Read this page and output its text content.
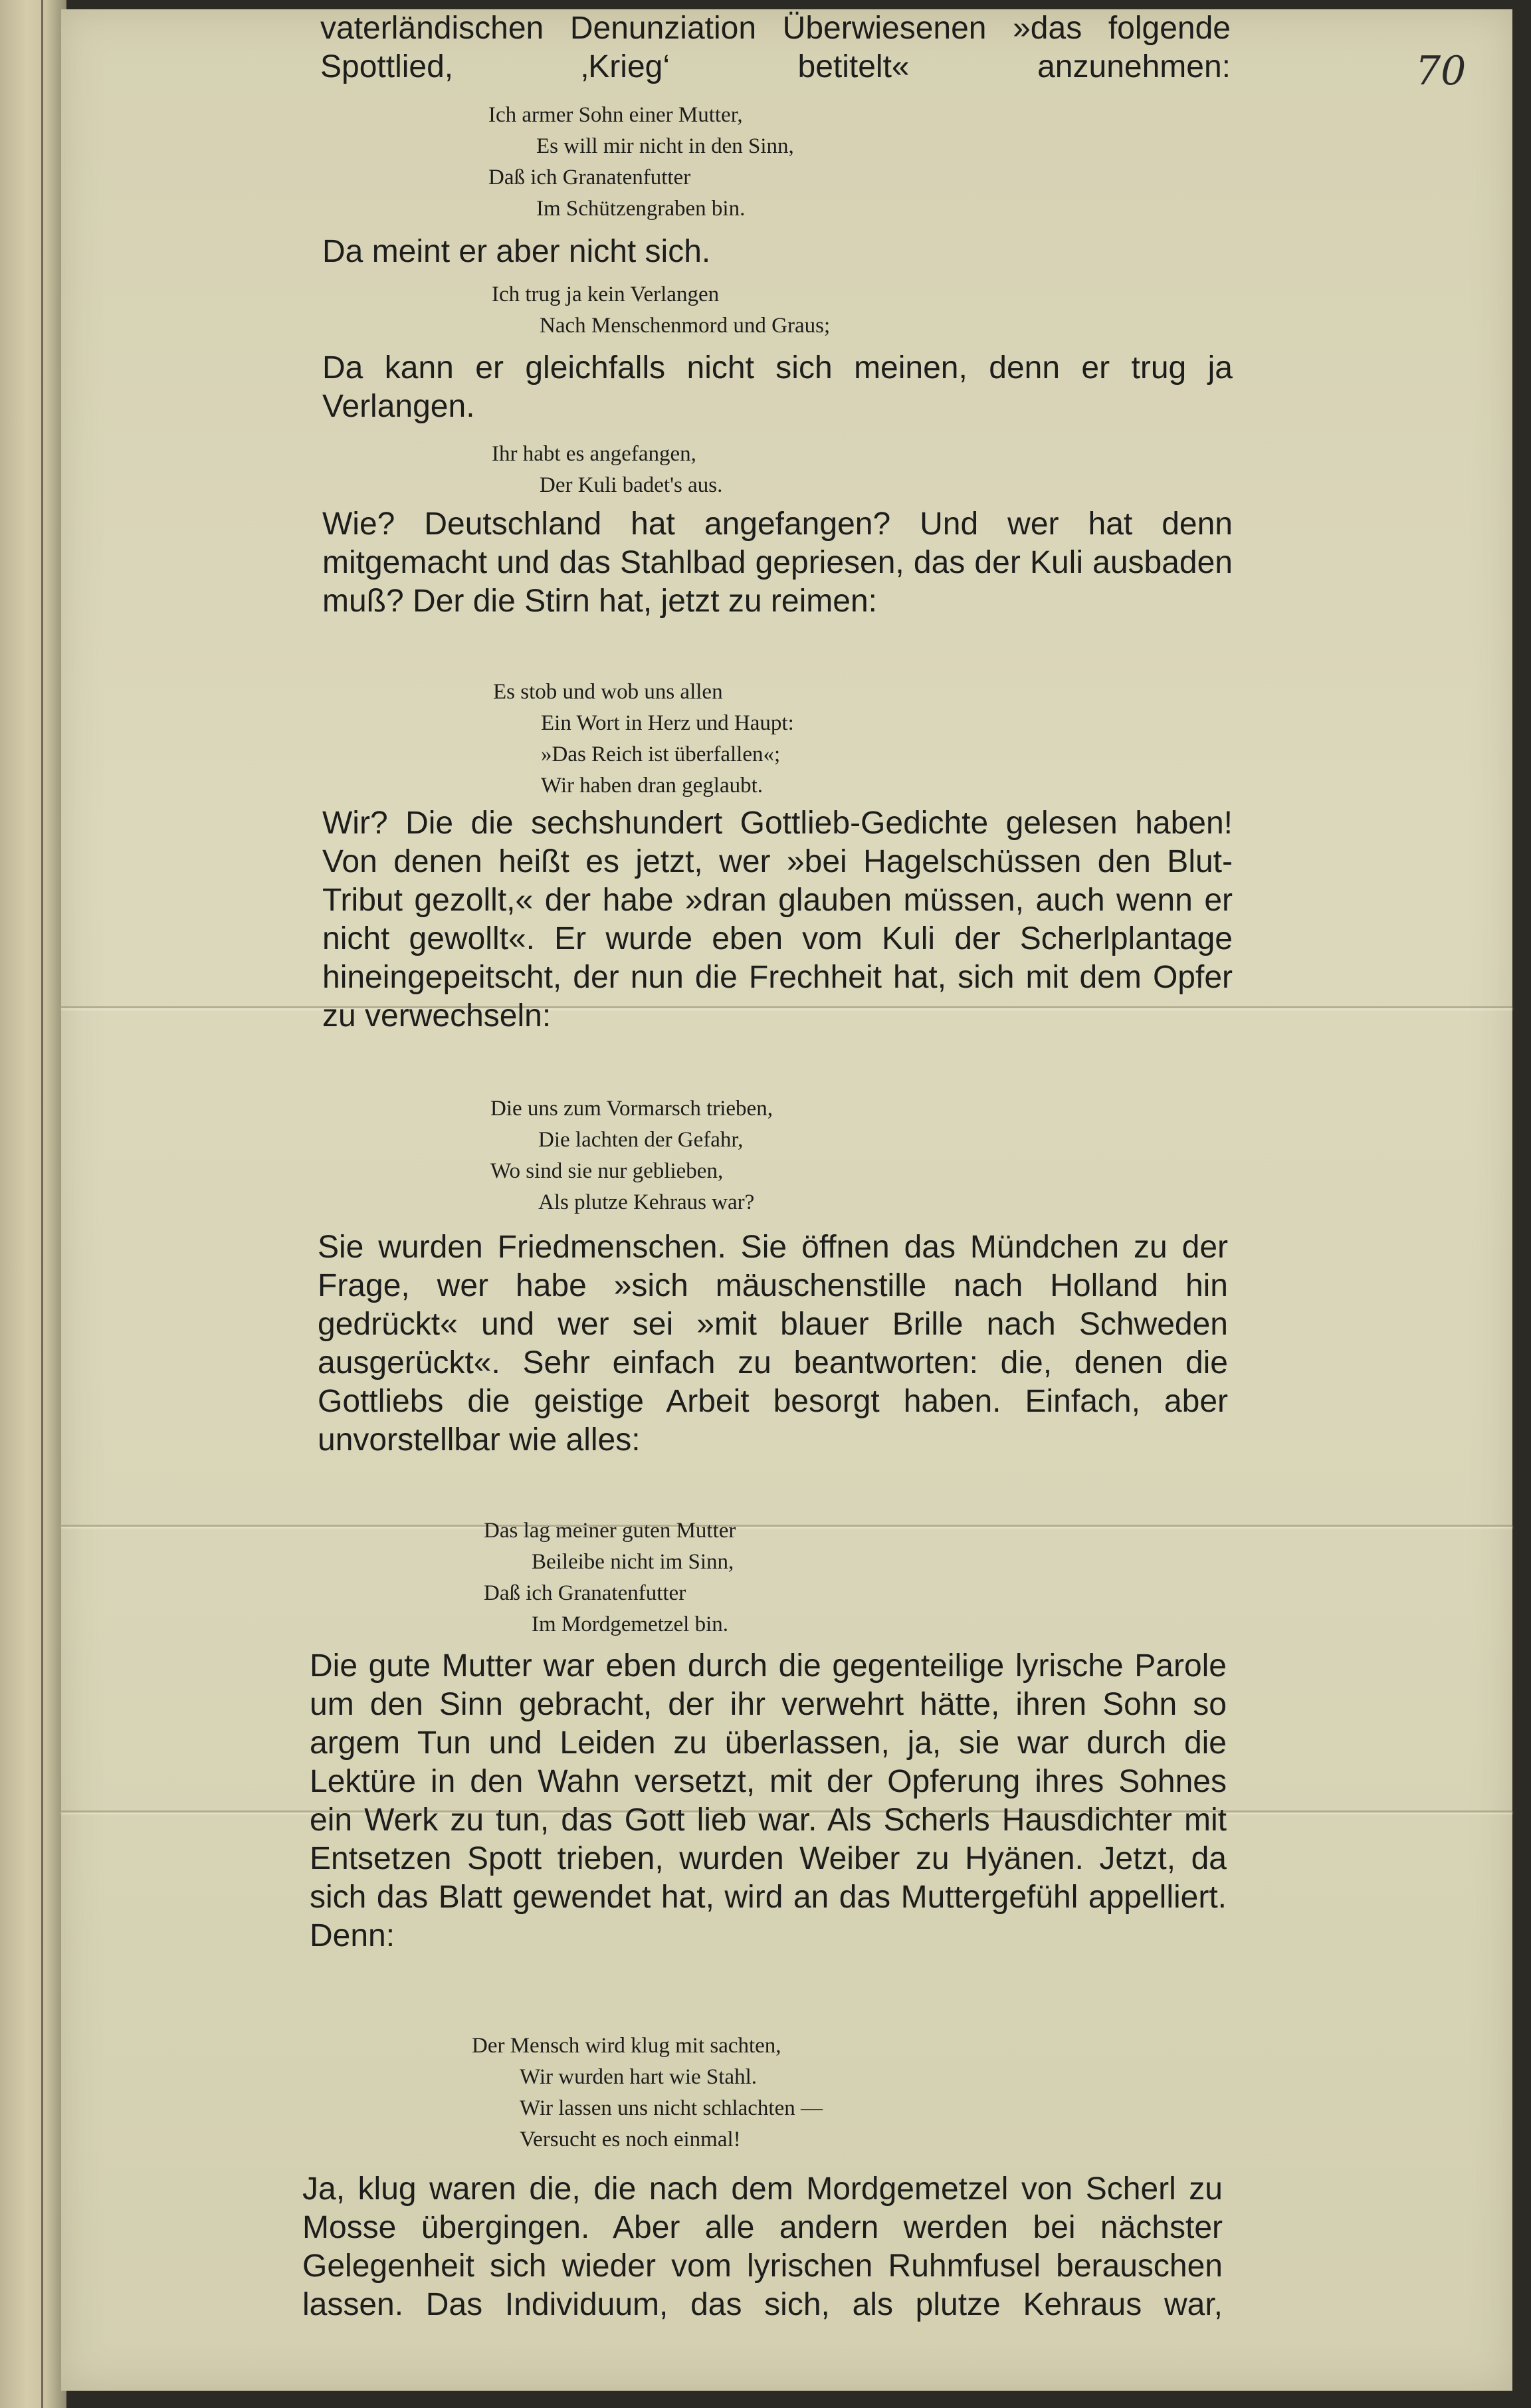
70

vaterländischen Denunziation Überwiesenen »das folgende Spottlied, ‚Krieg‘ betitelt« anzunehmen:

Ich armer Sohn einer Mutter,
Es will mir nicht in den Sinn,
Daß ich Granatenfutter
Im Schützengraben bin.

Da meint er aber nicht sich.

Ich trug ja kein Verlangen
Nach Menschenmord und Graus;

Da kann er gleichfalls nicht sich meinen, denn er trug ja Verlangen.

Ihr habt es angefangen,
Der Kuli badet's aus.

Wie? Deutschland hat angefangen? Und wer hat denn mitgemacht und das Stahlbad gepriesen, das der Kuli ausbaden muß? Der die Stirn hat, jetzt zu reimen:

Es stob und wob uns allen
Ein Wort in Herz und Haupt:
»Das Reich ist überfallen«;
Wir haben dran geglaubt.

Wir? Die die sechshundert Gottlieb-Gedichte gelesen haben! Von denen heißt es jetzt, wer »bei Hagelschüssen den Blut-Tribut gezollt,« der habe »dran glauben müssen, auch wenn er nicht gewollt«. Er wurde eben vom Kuli der Scherlplantage hineingepeitscht, der nun die Frechheit hat, sich mit dem Opfer zu verwechseln:

Die uns zum Vormarsch trieben,
Die lachten der Gefahr,
Wo sind sie nur geblieben,
Als plutze Kehraus war?

Sie wurden Friedmenschen. Sie öffnen das Mündchen zu der Frage, wer habe »sich mäuschenstille nach Holland hin gedrückt« und wer sei »mit blauer Brille nach Schweden ausgerückt«. Sehr einfach zu beantworten: die, denen die Gottliebs die geistige Arbeit besorgt haben. Einfach, aber unvorstellbar wie alles:

Das lag meiner guten Mutter
Beileibe nicht im Sinn,
Daß ich Granatenfutter
Im Mordgemetzel bin.

Die gute Mutter war eben durch die gegenteilige lyrische Parole um den Sinn gebracht, der ihr verwehrt hätte, ihren Sohn so argem Tun und Leiden zu überlassen, ja, sie war durch die Lektüre in den Wahn versetzt, mit der Opferung ihres Sohnes ein Werk zu tun, das Gott lieb war. Als Scherls Hausdichter mit Entsetzen Spott trieben, wurden Weiber zu Hyänen. Jetzt, da sich das Blatt gewendet hat, wird an das Muttergefühl appelliert. Denn:

Der Mensch wird klug mit sachten,
Wir wurden hart wie Stahl.
Wir lassen uns nicht schlachten —
Versucht es noch einmal!

Ja, klug waren die, die nach dem Mordgemetzel von Scherl zu Mosse übergingen. Aber alle andern werden bei nächster Gelegenheit sich wieder vom lyrischen Ruhmfusel berauschen lassen. Das Individuum, das sich, als plutze Kehraus war,
